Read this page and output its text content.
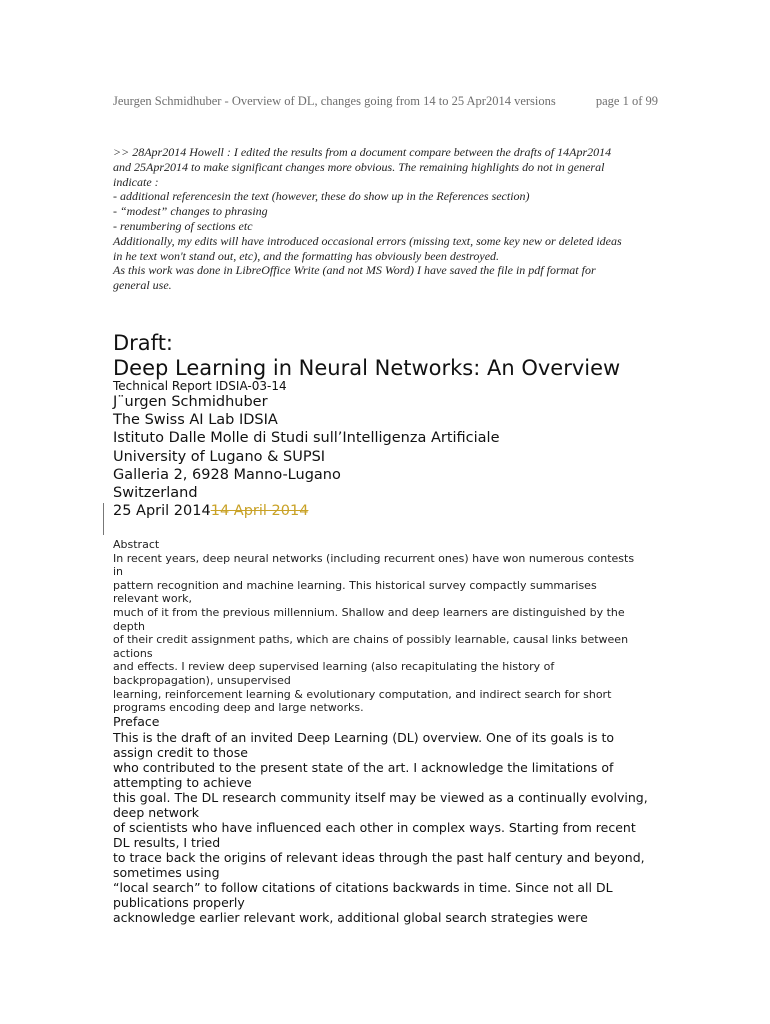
Jeurgen Schmidhuber - Overview of DL, changes going from 14 to 25 Apr2014 versions	page 1 of 99
>> 28Apr2014 Howell : I edited the results from a document compare between the drafts of 14Apr2014
and 25Apr2014 to make significant changes more obvious. The remaining highlights do not in general
indicate :
- additional referencesin the text (however, these do show up in the References section)
- “modest” changes to phrasing
- renumbering of sections etc
Additionally, my edits will have introduced occasional errors (missing text, some key new or deleted ideas
in he text won't stand out, etc), and the formatting has obviously been destroyed.
As this work was done in LibreOffice Write (and not MS Word) I have saved the file in pdf format for
general use.
Draft:
Deep Learning in Neural Networks: An Overview
Technical Report IDSIA-03-14
J¨urgen Schmidhuber
The Swiss AI Lab IDSIA
Istituto Dalle Molle di Studi sull’Intelligenza Artificiale
University of Lugano & SUPSI
Galleria 2, 6928 Manno-Lugano
Switzerland
25 April 201414 April 2014
Abstract
In recent years, deep neural networks (including recurrent ones) have won numerous contests
in
pattern recognition and machine learning. This historical survey compactly summarises
relevant work,
much of it from the previous millennium. Shallow and deep learners are distinguished by the
depth
of their credit assignment paths, which are chains of possibly learnable, causal links between
actions
and effects. I review deep supervised learning (also recapitulating the history of
backpropagation), unsupervised
learning, reinforcement learning & evolutionary computation, and indirect search for short
programs encoding deep and large networks.
Preface
This is the draft of an invited Deep Learning (DL) overview. One of its goals is to
assign credit to those
who contributed to the present state of the art. I acknowledge the limitations of
attempting to achieve
this goal. The DL research community itself may be viewed as a continually evolving,
deep network
of scientists who have influenced each other in complex ways. Starting from recent
DL results, I tried
to trace back the origins of relevant ideas through the past half century and beyond,
sometimes using
“local search” to follow citations of citations backwards in time. Since not all DL
publications properly
acknowledge earlier relevant work, additional global search strategies were
